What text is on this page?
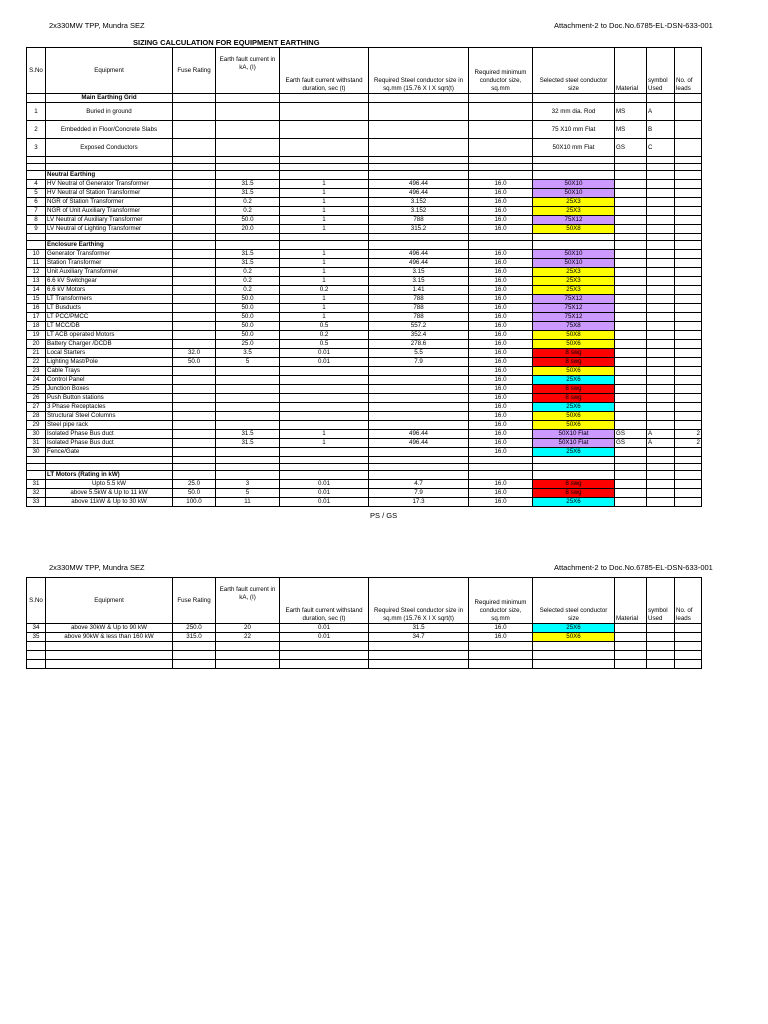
2x330MW TPP, Mundra SEZ	Attachment-2 to Doc.No.6785-EL-DSN-633-001
SIZING CALCULATION FOR EQUIPMENT EARTHING
S.No	Equipment	Fuse Rating	Earth fault current in kA, (I)	Earth fault current withstand duration, sec (t)	Required Steel conductor size in sq.mm (15.76 X I X sqrt(t)	Required minimum conductor size, sq.mm	Selected steel conductor size	Material	symbol Used	No. of leads
	Main Earthing Grid									
1	Buried in ground						32 mm dia. Rod	MS	A	
2	Embedded in Floor/Concrete Slabs						75 X10 mm Flat	MS	B	
3	Exposed Conductors						50X10 mm Flat	GS	C	

	Neutral Earthing									
4	HV Neutral of Generator Transformer		31.5	1	496.44	16.0	50X10			
5	HV Neutral of Station Transformer		31.5	1	496.44	16.0	50X10			
6	NGR of Station Transformer		0.2	1	3.152	16.0	25X3			
7	NGR of Unit Auxiliary Transformer		0.2	1	3.152	16.0	25X3			
8	LV Neutral of Auxiliary Transformer		50.0	1	788	16.0	75X12			
9	LV Neutral of Lighting Transformer		20.0	1	315.2	16.0	50X8			

	Enclosure Earthing									
10	Generator Transformer		31.5	1	496.44	16.0	50X10			
11	Station Transformer		31.5	1	496.44	16.0	50X10			
12	Unit Auxiliary Transformer		0.2	1	3.15	16.0	25X3			
13	6.6 kV Switchgear		0.2	1	3.15	16.0	25X3			
14	6.6 kV Motors		0.2	0.2	1.41	16.0	25X3			
15	LT Transformers		50.0	1	788	16.0	75X12			
16	LT Busducts		50.0	1	788	16.0	75X12			
17	LT PCC/PMCC		50.0	1	788	16.0	75X12			
18	LT MCC/DB		50.0	0.5	557.2	16.0	75X8			
19	LT ACB operated Motors		50.0	0.2	352.4	16.0	50X8			
20	Battery Charger /DCDB		25.0	0.5	278.6	16.0	50X6			
21	Local Starters	32.0	3.5	0.01	5.5	16.0	8 swg			
22	Lighting Mast/Pole	50.0	5	0.01	7.9	16.0	8 swg			
23	Cable Trays					16.0	50X6			
24	Control Panel					16.0	25X6			
25	Junction Boxes					16.0	8 swg			
26	Push Button stations					16.0	8 swg			
27	3 Phase Receptacles					16.0	25X6			
28	Structural Steel Columns					16.0	50X6			
29	Steel pipe rack					16.0	50X6			
30	Isolated Phase Bus duct		31.5	1	496.44	16.0	50X10 Flat	GS	A	2
31	Isolated Phase Bus duct		31.5	1	496.44	16.0	50X10 Flat	GS	A	2
30	Fence/Gate					16.0	25X6			

	LT Motors (Rating in kW)									
31	Upto 5.5 kW	25.0	3	0.01	4.7	16.0	8 swg			
32	above 5.5kW & Up to 11 kW	50.0	5	0.01	7.9	16.0	8 swg			
33	above 11kW & Up to 30 kW	100.0	11	0.01	17.3	16.0	25X6			
PS / GS
2x330MW TPP, Mundra SEZ	Attachment-2 to Doc.No.6785-EL-DSN-633-001
S.No	Equipment	Fuse Rating	Earth fault current in kA, (I)	Earth fault current withstand duration, sec (t)	Required Steel conductor size in sq.mm (15.76 X I X sqrt(t)	Required minimum conductor size, sq.mm	Selected steel conductor size	Material	symbol Used	No. of leads
34	above 30kW & Up to 90 kW	250.0	20	0.01	31.5	16.0	25X6			
35	above 90kW & less than 160 kW	315.0	22	0.01	34.7	16.0	50X6			
